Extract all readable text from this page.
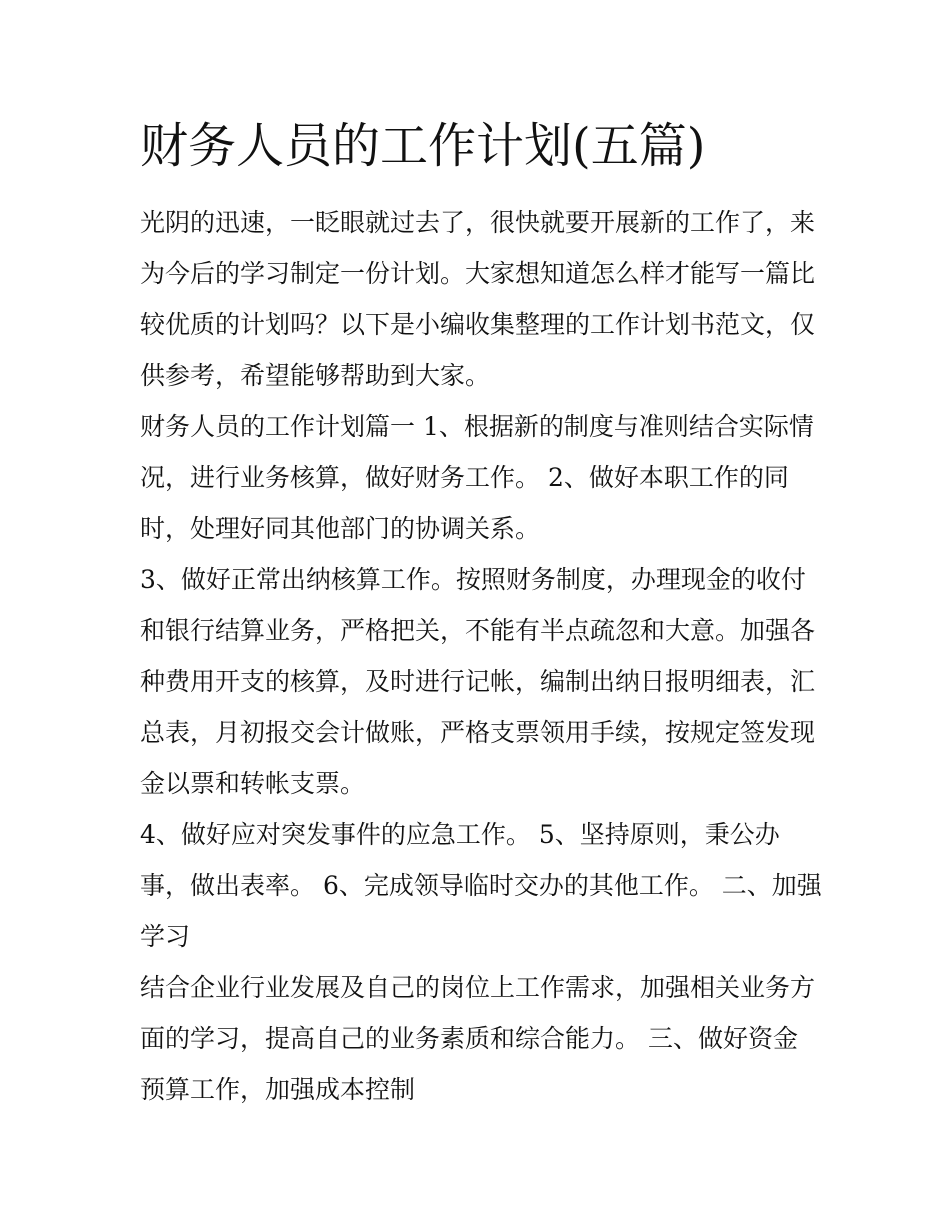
财务人员的工作计划(五篇)
光阴的迅速，一眨眼就过去了，很快就要开展新的工作了，来
为今后的学习制定一份计划。大家想知道怎么样才能写一篇比
较优质的计划吗？以下是小编收集整理的工作计划书范文，仅
供参考，希望能够帮助到大家。
财务人员的工作计划篇一 1、根据新的制度与准则结合实际情
况，进行业务核算，做好财务工作。 2、做好本职工作的同
时，处理好同其他部门的协调关系。
3、做好正常出纳核算工作。按照财务制度，办理现金的收付
和银行结算业务，严格把关，不能有半点疏忽和大意。加强各
种费用开支的核算，及时进行记帐，编制出纳日报明细表，汇
总表，月初报交会计做账，严格支票领用手续，按规定签发现
金以票和转帐支票。
4、做好应对突发事件的应急工作。 5、坚持原则，秉公办
事，做出表率。 6、完成领导临时交办的其他工作。 二、加强
学习
结合企业行业发展及自己的岗位上工作需求，加强相关业务方
面的学习，提高自己的业务素质和综合能力。 三、做好资金
预算工作，加强成本控制
